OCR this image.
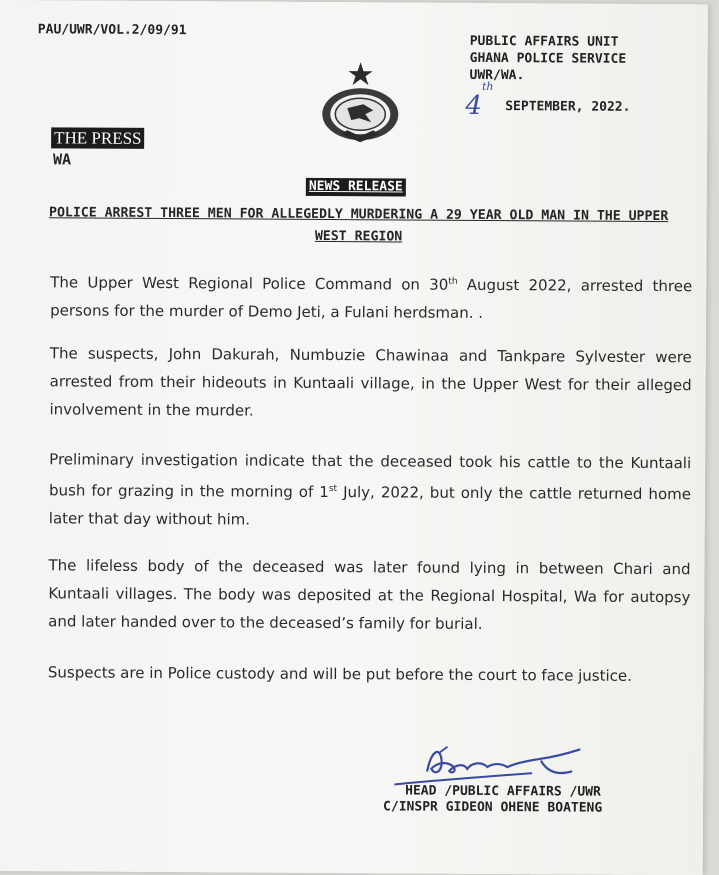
PAU/UWR/VOL.2/09/91
PUBLIC AFFAIRS UNIT
GHANA POLICE SERVICE
UWR/WA.
4th SEPTEMBER, 2022.
THE PRESS
WA
NEWS RELEASE
POLICE ARREST THREE MEN FOR ALLEGEDLY MURDERING A 29 YEAR OLD MAN IN THE UPPER WEST REGION
The Upper West Regional Police Command on 30th August 2022, arrested three persons for the murder of Demo Jeti, a Fulani herdsman. .
The suspects, John Dakurah, Numbuzie Chawinaa and Tankpare Sylvester were arrested from their hideouts in Kuntaali village, in the Upper West for their alleged involvement in the murder.
Preliminary investigation indicate that the deceased took his cattle to the Kuntaali bush for grazing in the morning of 1st July, 2022, but only the cattle returned home later that day without him.
The lifeless body of the deceased was later found lying in between Chari and Kuntaali villages. The body was deposited at the Regional Hospital, Wa for autopsy and later handed over to the deceased’s family for burial.
Suspects are in Police custody and will be put before the court to face justice.
HEAD /PUBLIC AFFAIRS /UWR
C/INSPR GIDEON OHENE BOATENG
